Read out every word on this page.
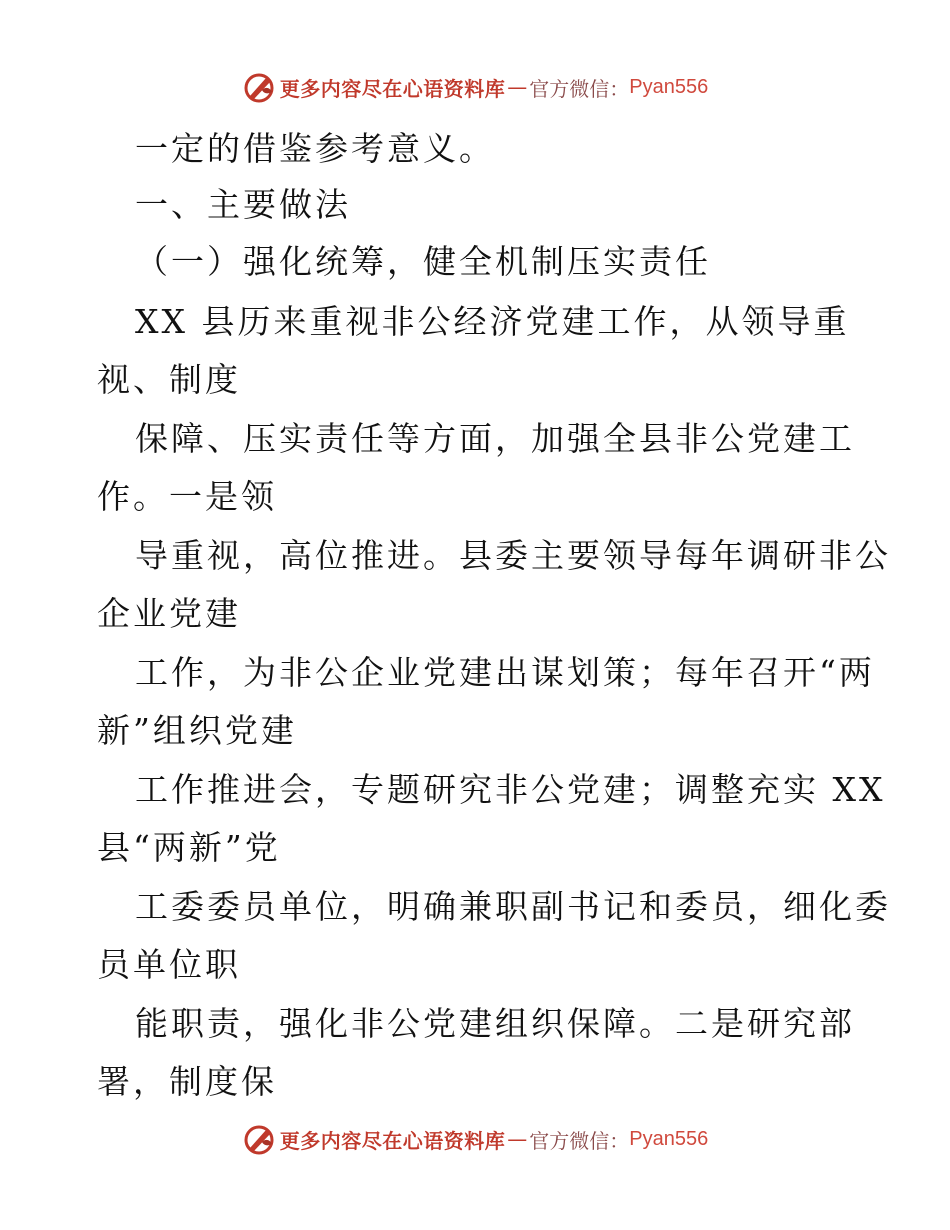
更多内容尽在心语资料库 — 官方微信： Pyan556
一定的借鉴参考意义。
一、主要做法
（一）强化统筹，健全机制压实责任
XX 县历来重视非公经济党建工作，从领导重
视、制度
保障、压实责任等方面，加强全县非公党建工
作。一是领
导重视，高位推进。县委主要领导每年调研非公
企业党建
工作，为非公企业党建出谋划策；每年召开“两
新”组织党建
工作推进会，专题研究非公党建；调整充实 XX
县“两新”党
工委委员单位，明确兼职副书记和委员，细化委
员单位职
能职责，强化非公党建组织保障。二是研究部
署，制度保
更多内容尽在心语资料库 — 官方微信： Pyan556
